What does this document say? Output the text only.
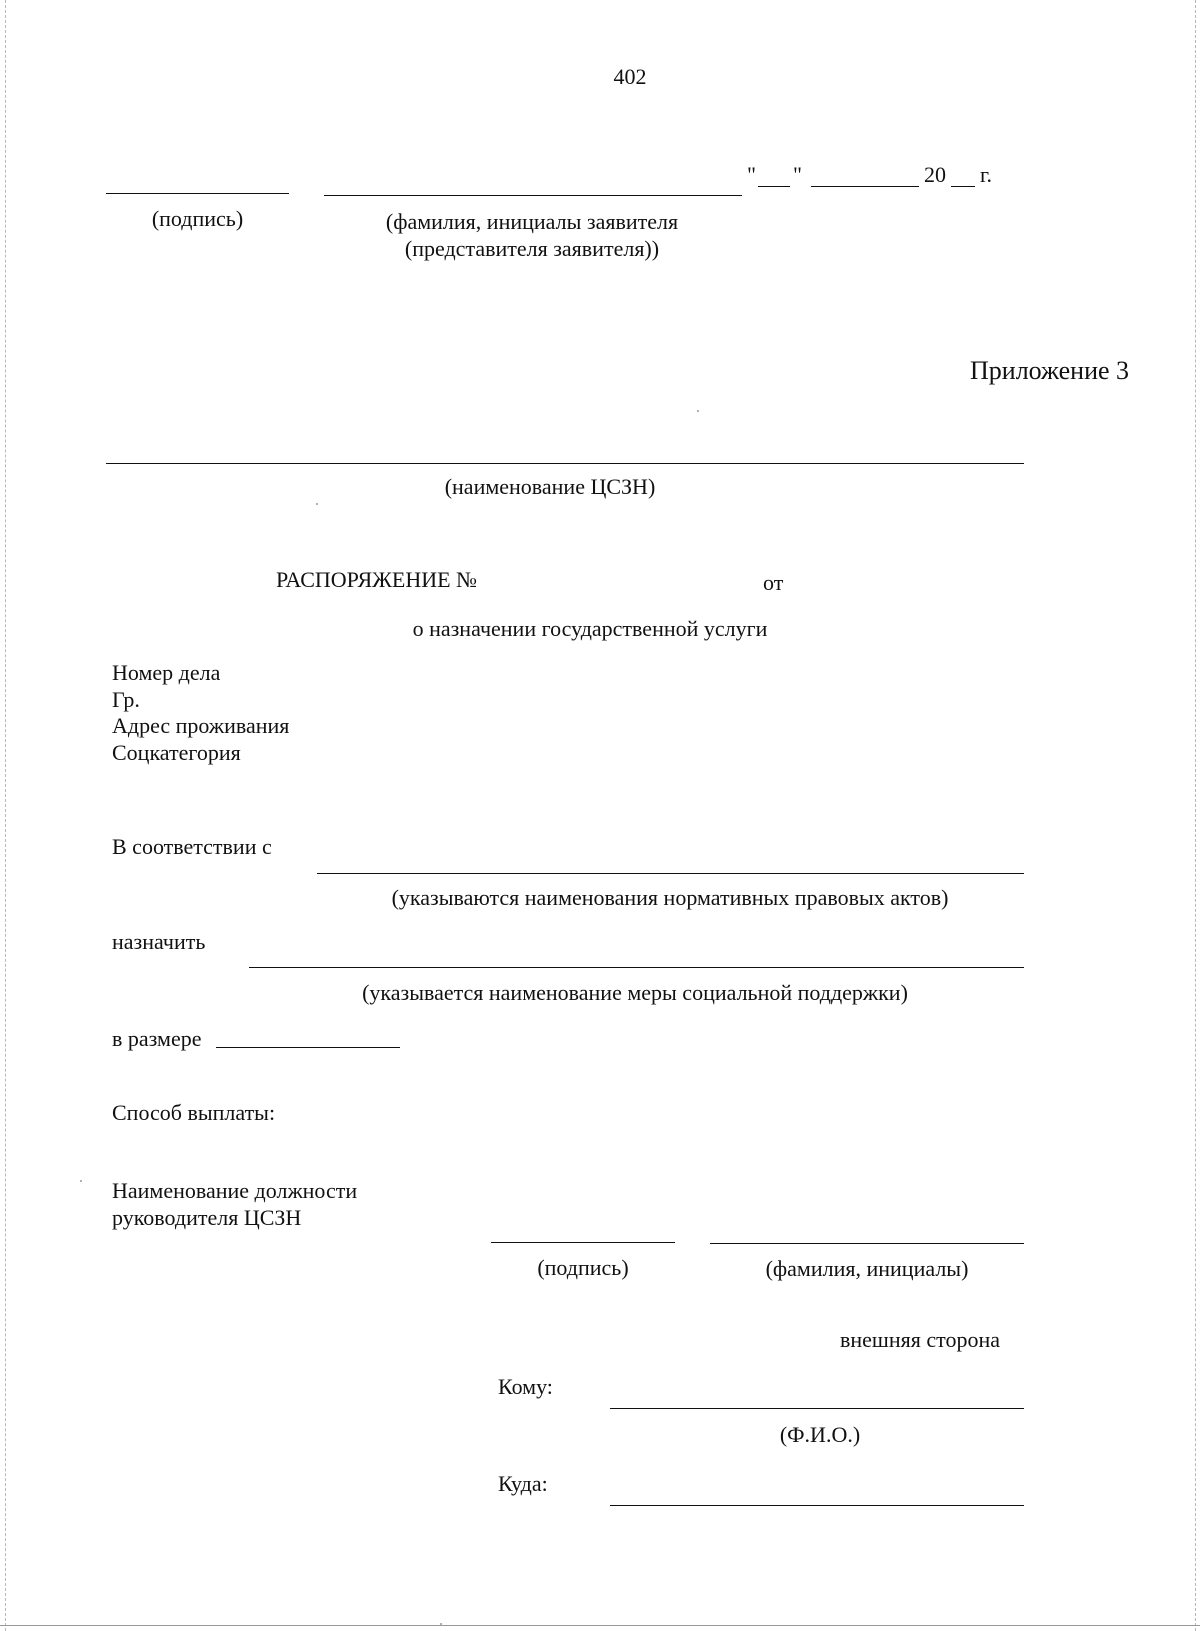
402
" "	20 г.
(подпись)	(фамилия, инициалы заявителя
(представителя заявителя))
Приложение 3
(наименование ЦСЗН)
РАСПОРЯЖЕНИЕ №	от
о назначении государственной услуги
Номер дела
Гр.
Адрес проживания
Соцкатегория
В соответствии с
(указываются наименования нормативных правовых актов)
назначить
(указывается наименование меры социальной поддержки)
в размере
Способ выплаты:
Наименование должности
руководителя ЦСЗН
(подпись)	(фамилия, инициалы)
внешняя сторона
Кому:
(Ф.И.О.)
Куда:
